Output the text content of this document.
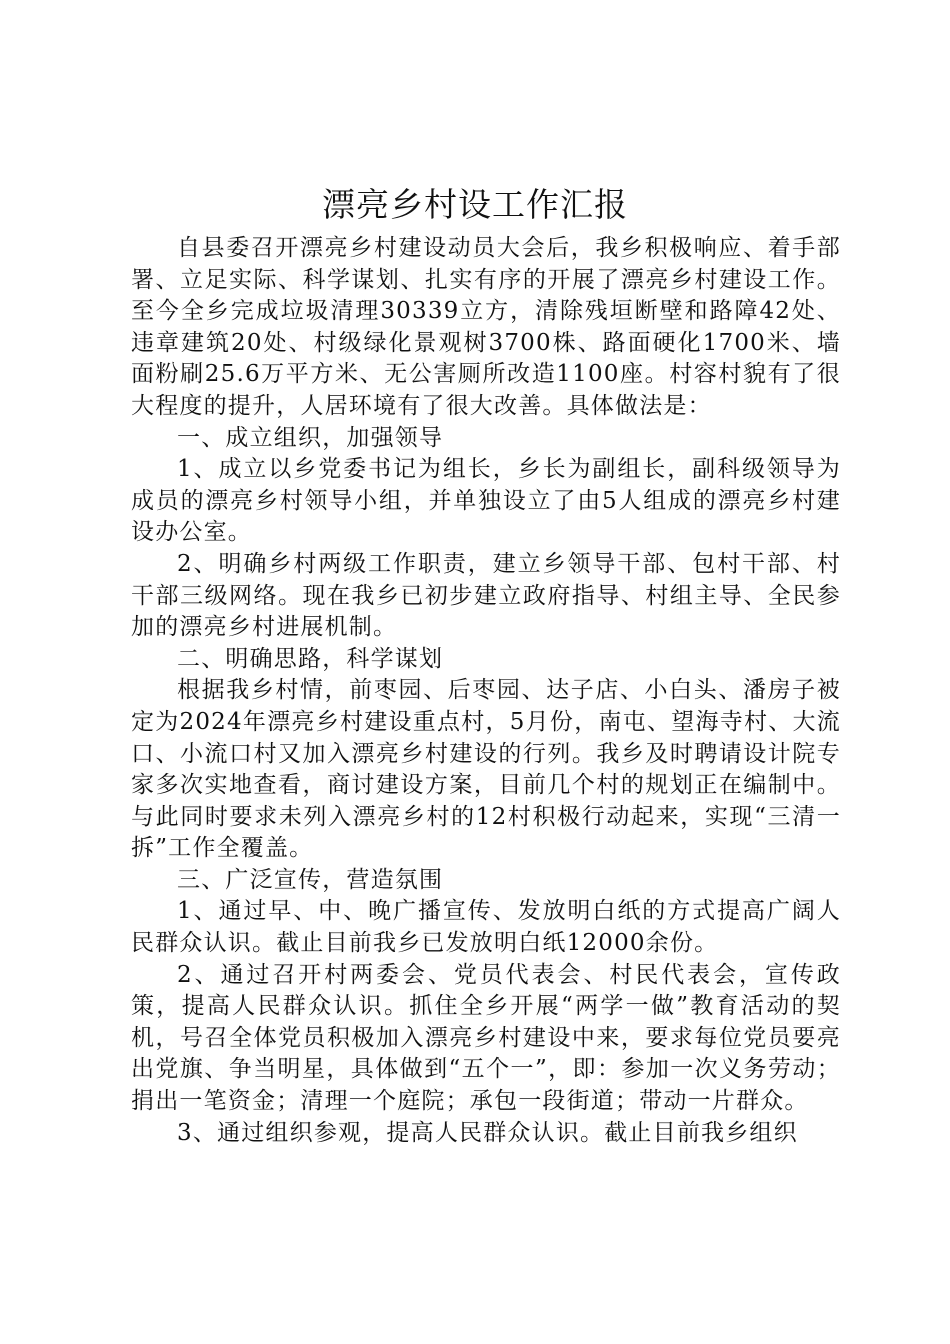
漂亮乡村设工作汇报

自县委召开漂亮乡村建设动员大会后，我乡积极响应、着手部署、立足实际、科学谋划、扎实有序的开展了漂亮乡村建设工作。至今全乡完成垃圾清理30339立方，清除残垣断壁和路障42处、违章建筑20处、村级绿化景观树3700株、路面硬化1700米、墙面粉刷25.6万平方米、无公害厕所改造1100座。村容村貌有了很大程度的提升，人居环境有了很大改善。具体做法是：

一、成立组织，加强领导

1、成立以乡党委书记为组长，乡长为副组长，副科级领导为成员的漂亮乡村领导小组，并单独设立了由5人组成的漂亮乡村建设办公室。

2、明确乡村两级工作职责，建立乡领导干部、包村干部、村干部三级网络。现在我乡已初步建立政府指导、村组主导、全民参加的漂亮乡村进展机制。

二、明确思路，科学谋划

根据我乡村情，前枣园、后枣园、达子店、小白头、潘房子被定为2024年漂亮乡村建设重点村，5月份，南屯、望海寺村、大流口、小流口村又加入漂亮乡村建设的行列。我乡及时聘请设计院专家多次实地查看，商讨建设方案，目前几个村的规划正在编制中。与此同时要求未列入漂亮乡村的12村积极行动起来，实现“三清一拆”工作全覆盖。

三、广泛宣传，营造氛围

1、通过早、中、晚广播宣传、发放明白纸的方式提高广阔人民群众认识。截止目前我乡已发放明白纸12000余份。

2、通过召开村两委会、党员代表会、村民代表会，宣传政策，提高人民群众认识。抓住全乡开展“两学一做”教育活动的契机，号召全体党员积极加入漂亮乡村建设中来，要求每位党员要亮出党旗、争当明星，具体做到“五个一”，即：参加一次义务劳动；捐出一笔资金；清理一个庭院；承包一段街道；带动一片群众。

3、通过组织参观，提高人民群众认识。截止目前我乡组织
